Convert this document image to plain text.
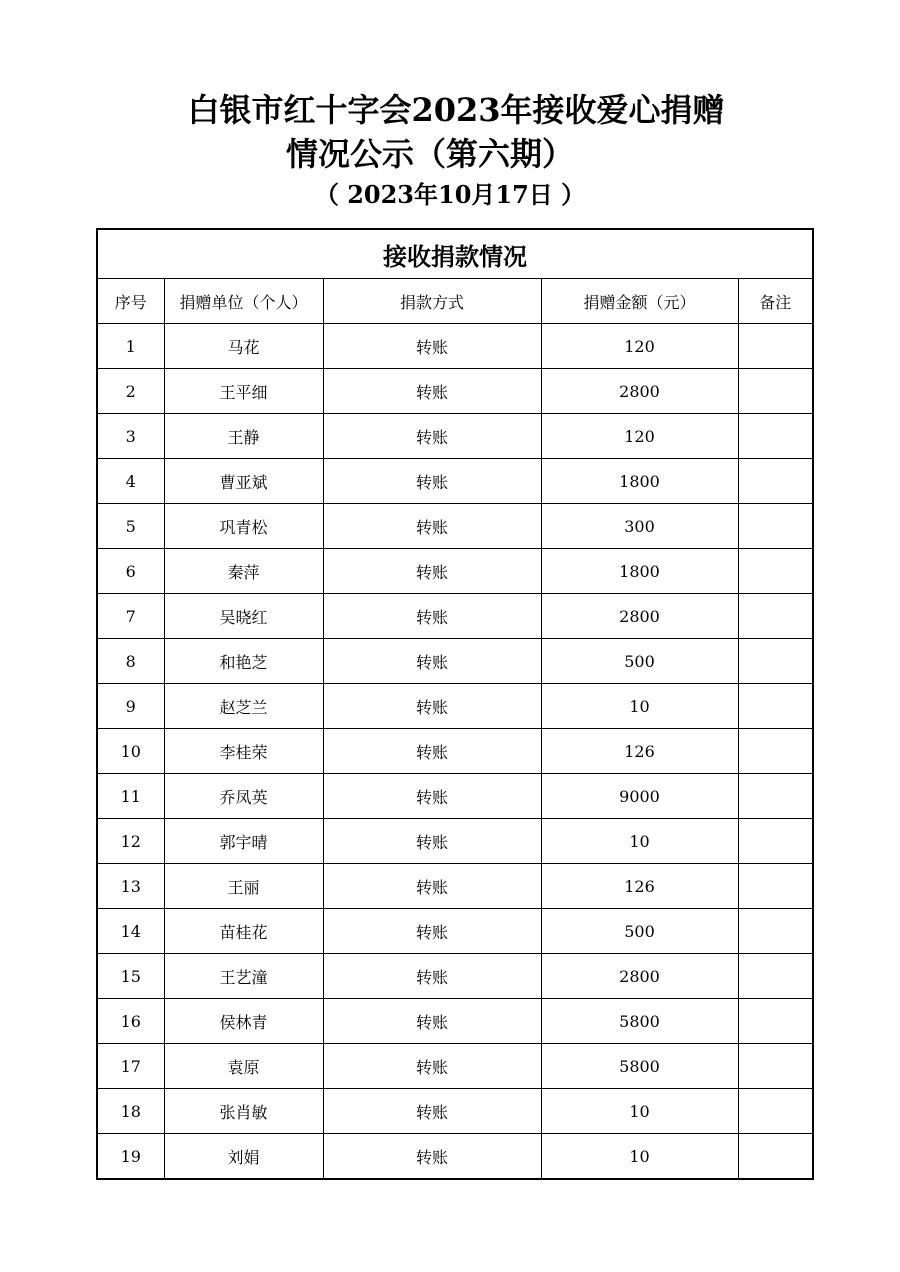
白银市红十字会2023年接收爱心捐赠
情况公示（第六期）
（ 2023年10月17日 ）
接收捐款情况				
序号	捐赠单位（个人）	捐款方式	捐赠金额（元）	备注
1	马花	转账	120	
2	王平细	转账	2800	
3	王静	转账	120	
4	曹亚斌	转账	1800	
5	巩青松	转账	300	
6	秦萍	转账	1800	
7	吴晓红	转账	2800	
8	和艳芝	转账	500	
9	赵芝兰	转账	10	
10	李桂荣	转账	126	
11	乔凤英	转账	9000	
12	郭宇晴	转账	10	
13	王丽	转账	126	
14	苗桂花	转账	500	
15	王艺潼	转账	2800	
16	侯林青	转账	5800	
17	袁原	转账	5800	
18	张肖敏	转账	10	
19	刘娟	转账	10	
